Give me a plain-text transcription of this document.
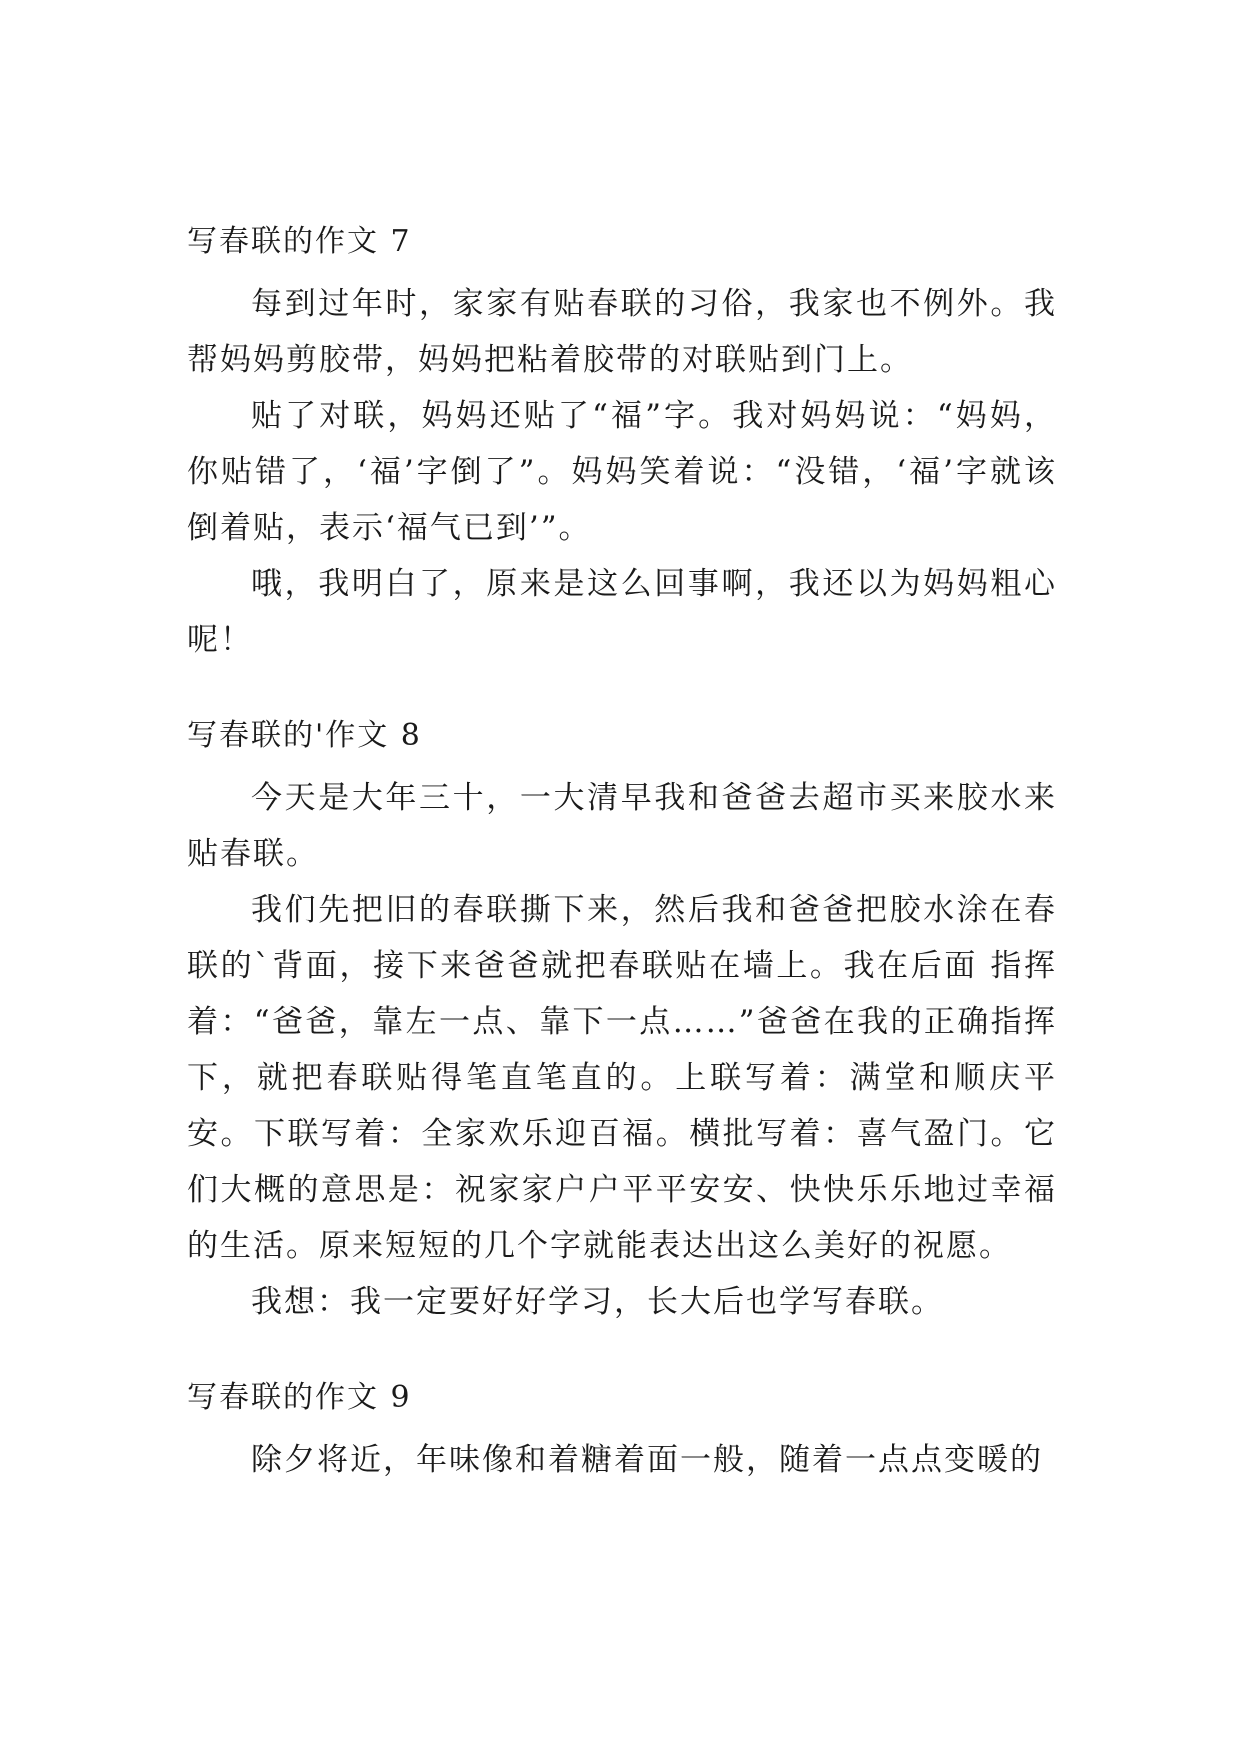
写春联的作文 7

每到过年时，家家有贴春联的习俗，我家也不例外。我帮妈妈剪胶带，妈妈把粘着胶带的对联贴到门上。

贴了对联，妈妈还贴了“福”字。我对妈妈说：“妈妈，你贴错了，‘福’字倒了”。妈妈笑着说：“没错，‘福’字就该倒着贴，表示‘福气已到’”。

哦，我明白了，原来是这么回事啊，我还以为妈妈粗心呢！

写春联的'作文 8

今天是大年三十，一大清早我和爸爸去超市买来胶水来贴春联。

我们先把旧的春联撕下来，然后我和爸爸把胶水涂在春联的`背面，接下来爸爸就把春联贴在墙上。我在后面 指挥着：“爸爸，靠左一点、靠下一点……”爸爸在我的正确指挥下，就把春联贴得笔直笔直的。上联写着：满堂和顺庆平安。下联写着：全家欢乐迎百福。横批写着：喜气盈门。它们大概的意思是：祝家家户户平平安安、快快乐乐地过幸福的生活。原来短短的几个字就能表达出这么美好的祝愿。

我想：我一定要好好学习，长大后也学写春联。

写春联的作文 9

除夕将近，年味像和着糖着面一般，随着一点点变暖的
